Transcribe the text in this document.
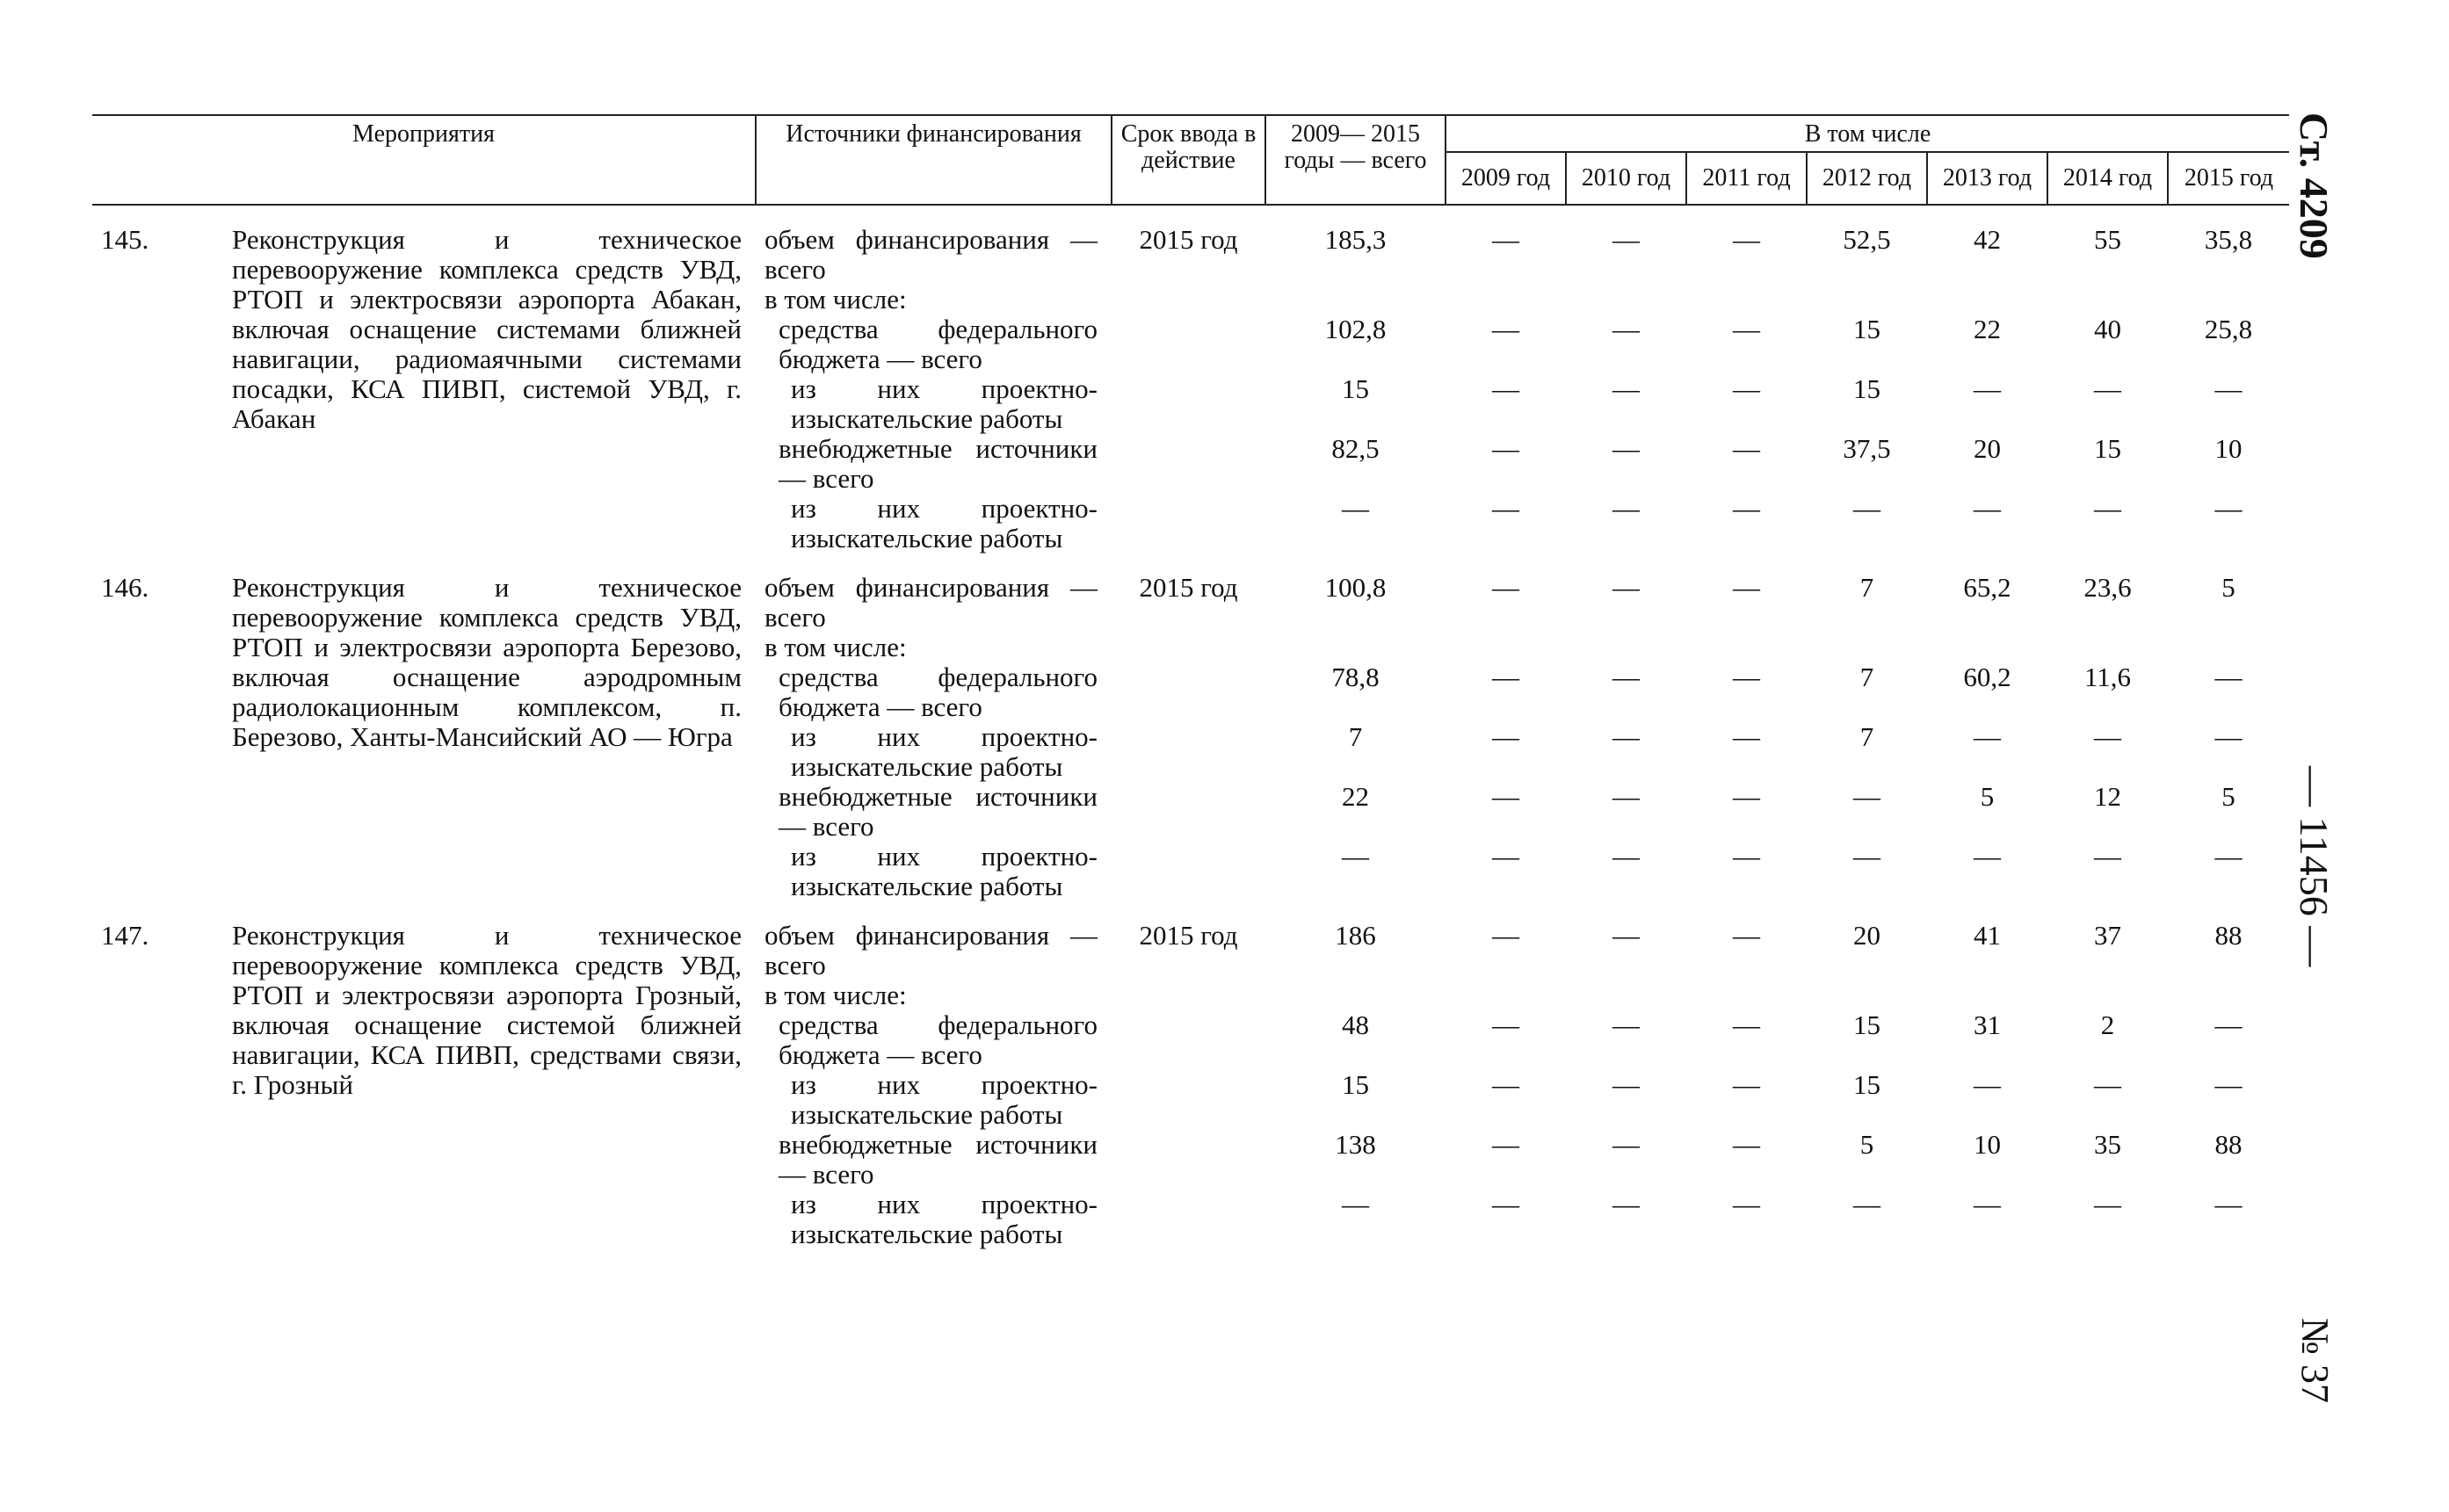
Мероприятия		Источники финансирования	Срок ввода в действие	2009— 2015 годы — всего	В том числе						
					2009 год	2010 год	2011 год	2012 год	2013 год	2014 год	2015 год
145.	Реконструкция и техническое перевооружение комплекса средств УВД, РТОП и электросвязи аэропорта Абакан, включая оснащение системами ближней навигации, радиомаячными системами посадки, КСА ПИВП, системой УВД, г. Абакан	объем финансирования — всего	2015 год	185,3	—	—	—	52,5	42	55	35,8
		в том числе:									
		средства федерального бюджета — всего		102,8	—	—	—	15	22	40	25,8
		из них проектно-изыскательские работы		15	—	—	—	15	—	—	—
		внебюджетные источники — всего		82,5	—	—	—	37,5	20	15	10
		из них проектно-изыскательские работы		—	—	—	—	—	—	—	—
146.	Реконструкция и техническое перевооружение комплекса средств УВД, РТОП и электросвязи аэропорта Березово, включая оснащение аэродромным радиолокационным комплексом, п. Березово, Ханты-Мансийский АО — Югра	объем финансирования — всего	2015 год	100,8	—	—	—	7	65,2	23,6	5
		в том числе:									
		средства федерального бюджета — всего		78,8	—	—	—	7	60,2	11,6	—
		из них проектно-изыскательские работы		7	—	—	—	7	—	—	—
		внебюджетные источники — всего		22	—	—	—	—	5	12	5
		из них проектно-изыскательские работы		—	—	—	—	—	—	—	—
147.	Реконструкция и техническое перевооружение комплекса средств УВД, РТОП и электросвязи аэропорта Грозный, включая оснащение системой ближней навигации, КСА ПИВП, средствами связи, г. Грозный	объем финансирования — всего	2015 год	186	—	—	—	20	41	37	88
		в том числе:									
		средства федерального бюджета — всего		48	—	—	—	15	31	2	—
		из них проектно-изыскательские работы		15	—	—	—	15	—	—	—
		внебюджетные источники — всего		138	—	—	—	5	10	35	88
		из них проектно-изыскательские работы		—	—	—	—	—	—	—	—
Ст. 4209
— 11456 —
№ 37
